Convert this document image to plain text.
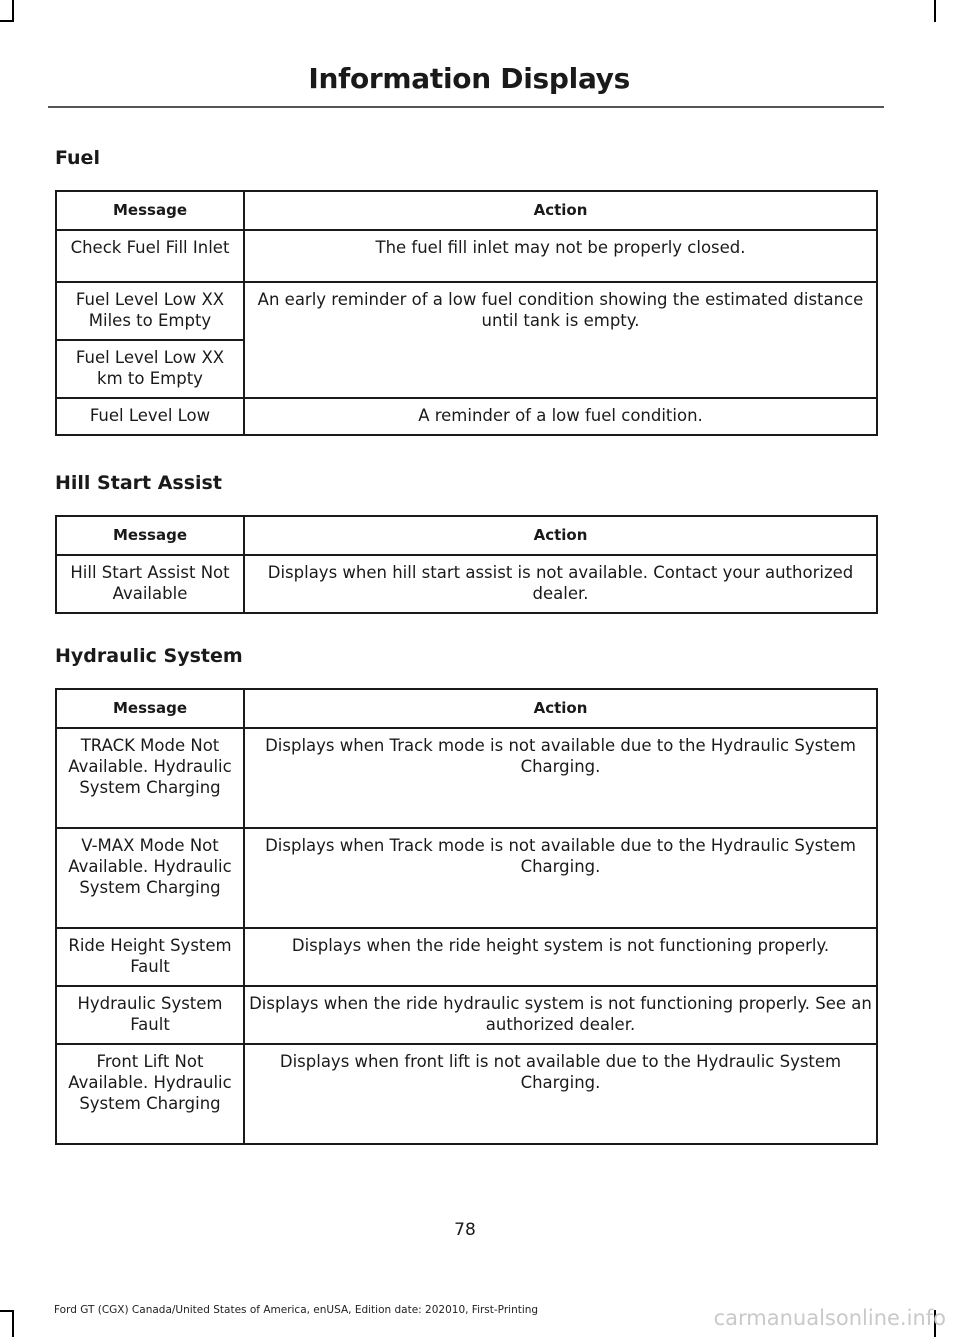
Information Displays
Fuel
Message	Action
Check Fuel Fill Inlet	The fuel fill inlet may not be properly closed.
Fuel Level Low XX Miles to Empty	An early reminder of a low fuel condition showing the estimated distance until tank is empty.
Fuel Level Low XX km to Empty	
Fuel Level Low	A reminder of a low fuel condition.
Hill Start Assist
Message	Action
Hill Start Assist Not Available	Displays when hill start assist is not available. Contact your authorized dealer.
Hydraulic System
Message	Action
TRACK Mode Not Available. Hydraulic System Charging	Displays when Track mode is not available due to the Hydraulic System Charging.
V-MAX Mode Not Available. Hydraulic System Charging	Displays when Track mode is not available due to the Hydraulic System Charging.
Ride Height System Fault	Displays when the ride height system is not functioning properly.
Hydraulic System Fault	Displays when the ride hydraulic system is not functioning properly. See an authorized dealer.
Front Lift Not Available. Hydraulic System Charging	Displays when front lift is not available due to the Hydraulic System Charging.
78
Ford GT (CGX) Canada/United States of America, enUSA, Edition date: 202010, First-Printing	carmanualsonline.info
